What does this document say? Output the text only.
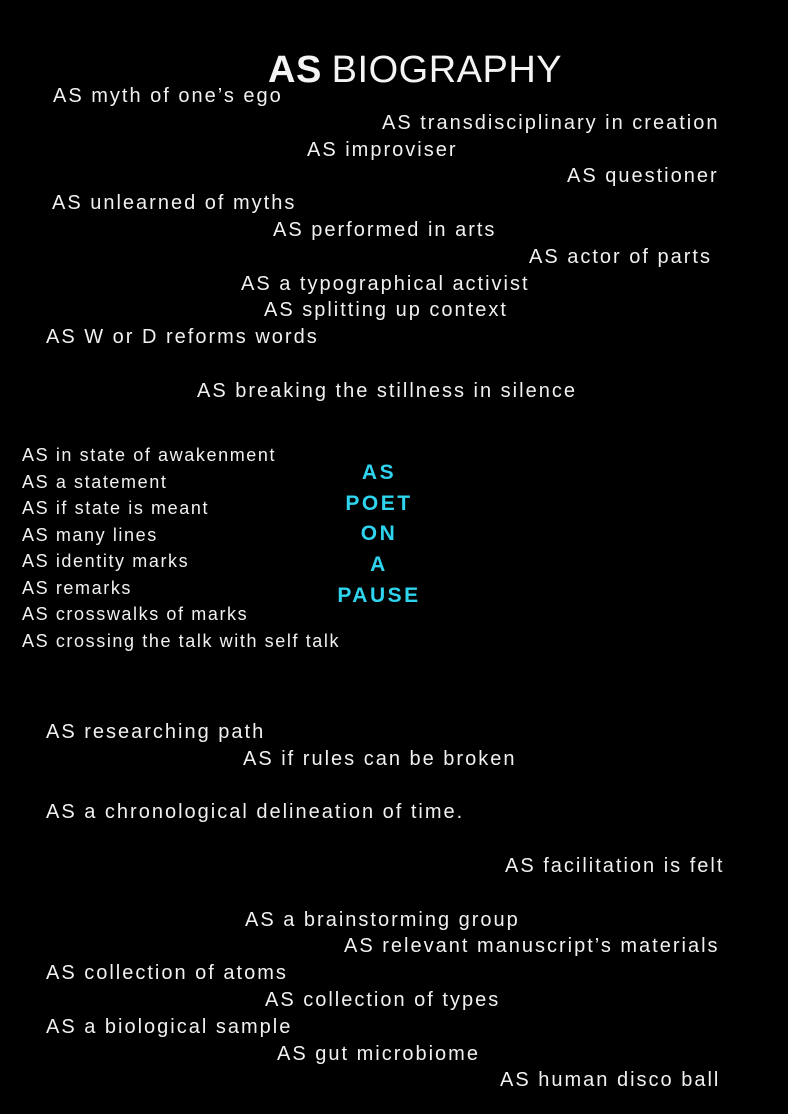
AS BIOGRAPHY
AS myth of one’s ego
AS transdisciplinary in creation
AS improviser
AS questioner
AS unlearned of myths
AS performed in arts
AS actor of parts
AS a typographical activist
AS splitting up context
AS W or D reforms words
AS breaking the stillness in silence
AS in state of awakenment
AS a statement
AS if state is meant
AS many lines
AS identity marks
AS remarks
AS crosswalks of marks
AS crossing the talk with self talk
AS
POET
ON
A
PAUSE
AS researching path
AS if rules can be broken
AS a chronological delineation of time.
AS facilitation is felt
AS a brainstorming group
AS relevant manuscript’s materials
AS collection of atoms
AS collection of types
AS a biological sample
AS gut microbiome
AS human disco ball
